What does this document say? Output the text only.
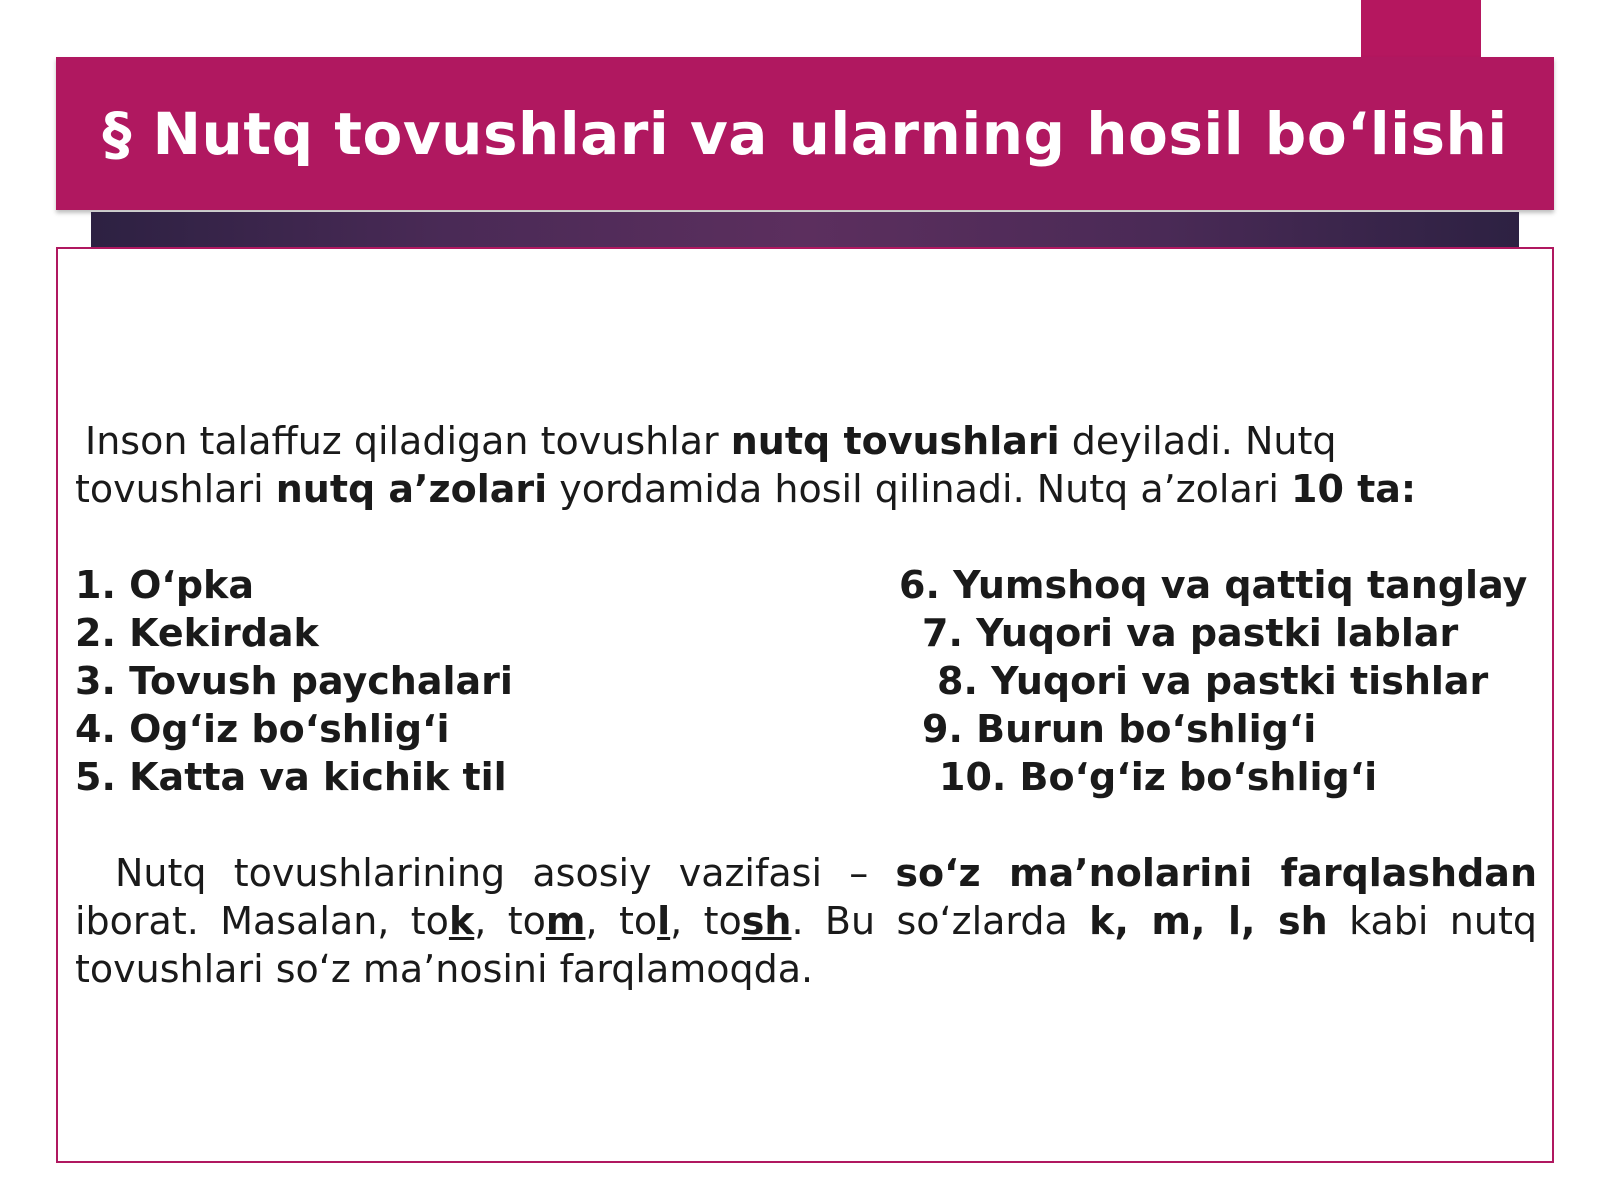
§ Nutq tovushlari va ularning hosil bo‘lishi
Inson talaffuz qiladigan tovushlar nutq tovushlari deyiladi. Nutq tovushlari nutq a’zolari yordamida hosil qilinadi. Nutq a’zolari 10 ta:
1. O‘pka
2. Kekirdak
3. Tovush paychalari
4. Og‘iz bo‘shlig‘i
5. Katta va kichik til
6. Yumshoq va qattiq tanglay
7. Yuqori va pastki lablar
8. Yuqori va pastki tishlar
9. Burun bo‘shlig‘i
10. Bo‘g‘iz bo‘shlig‘i
Nutq tovushlarining asosiy vazifasi – so‘z ma’nolarini farqlashdan iborat. Masalan, tok, tom, tol, tosh. Bu so‘zlarda k, m, l, sh kabi nutq tovushlari so‘z ma’nosini farqlamoqda.
